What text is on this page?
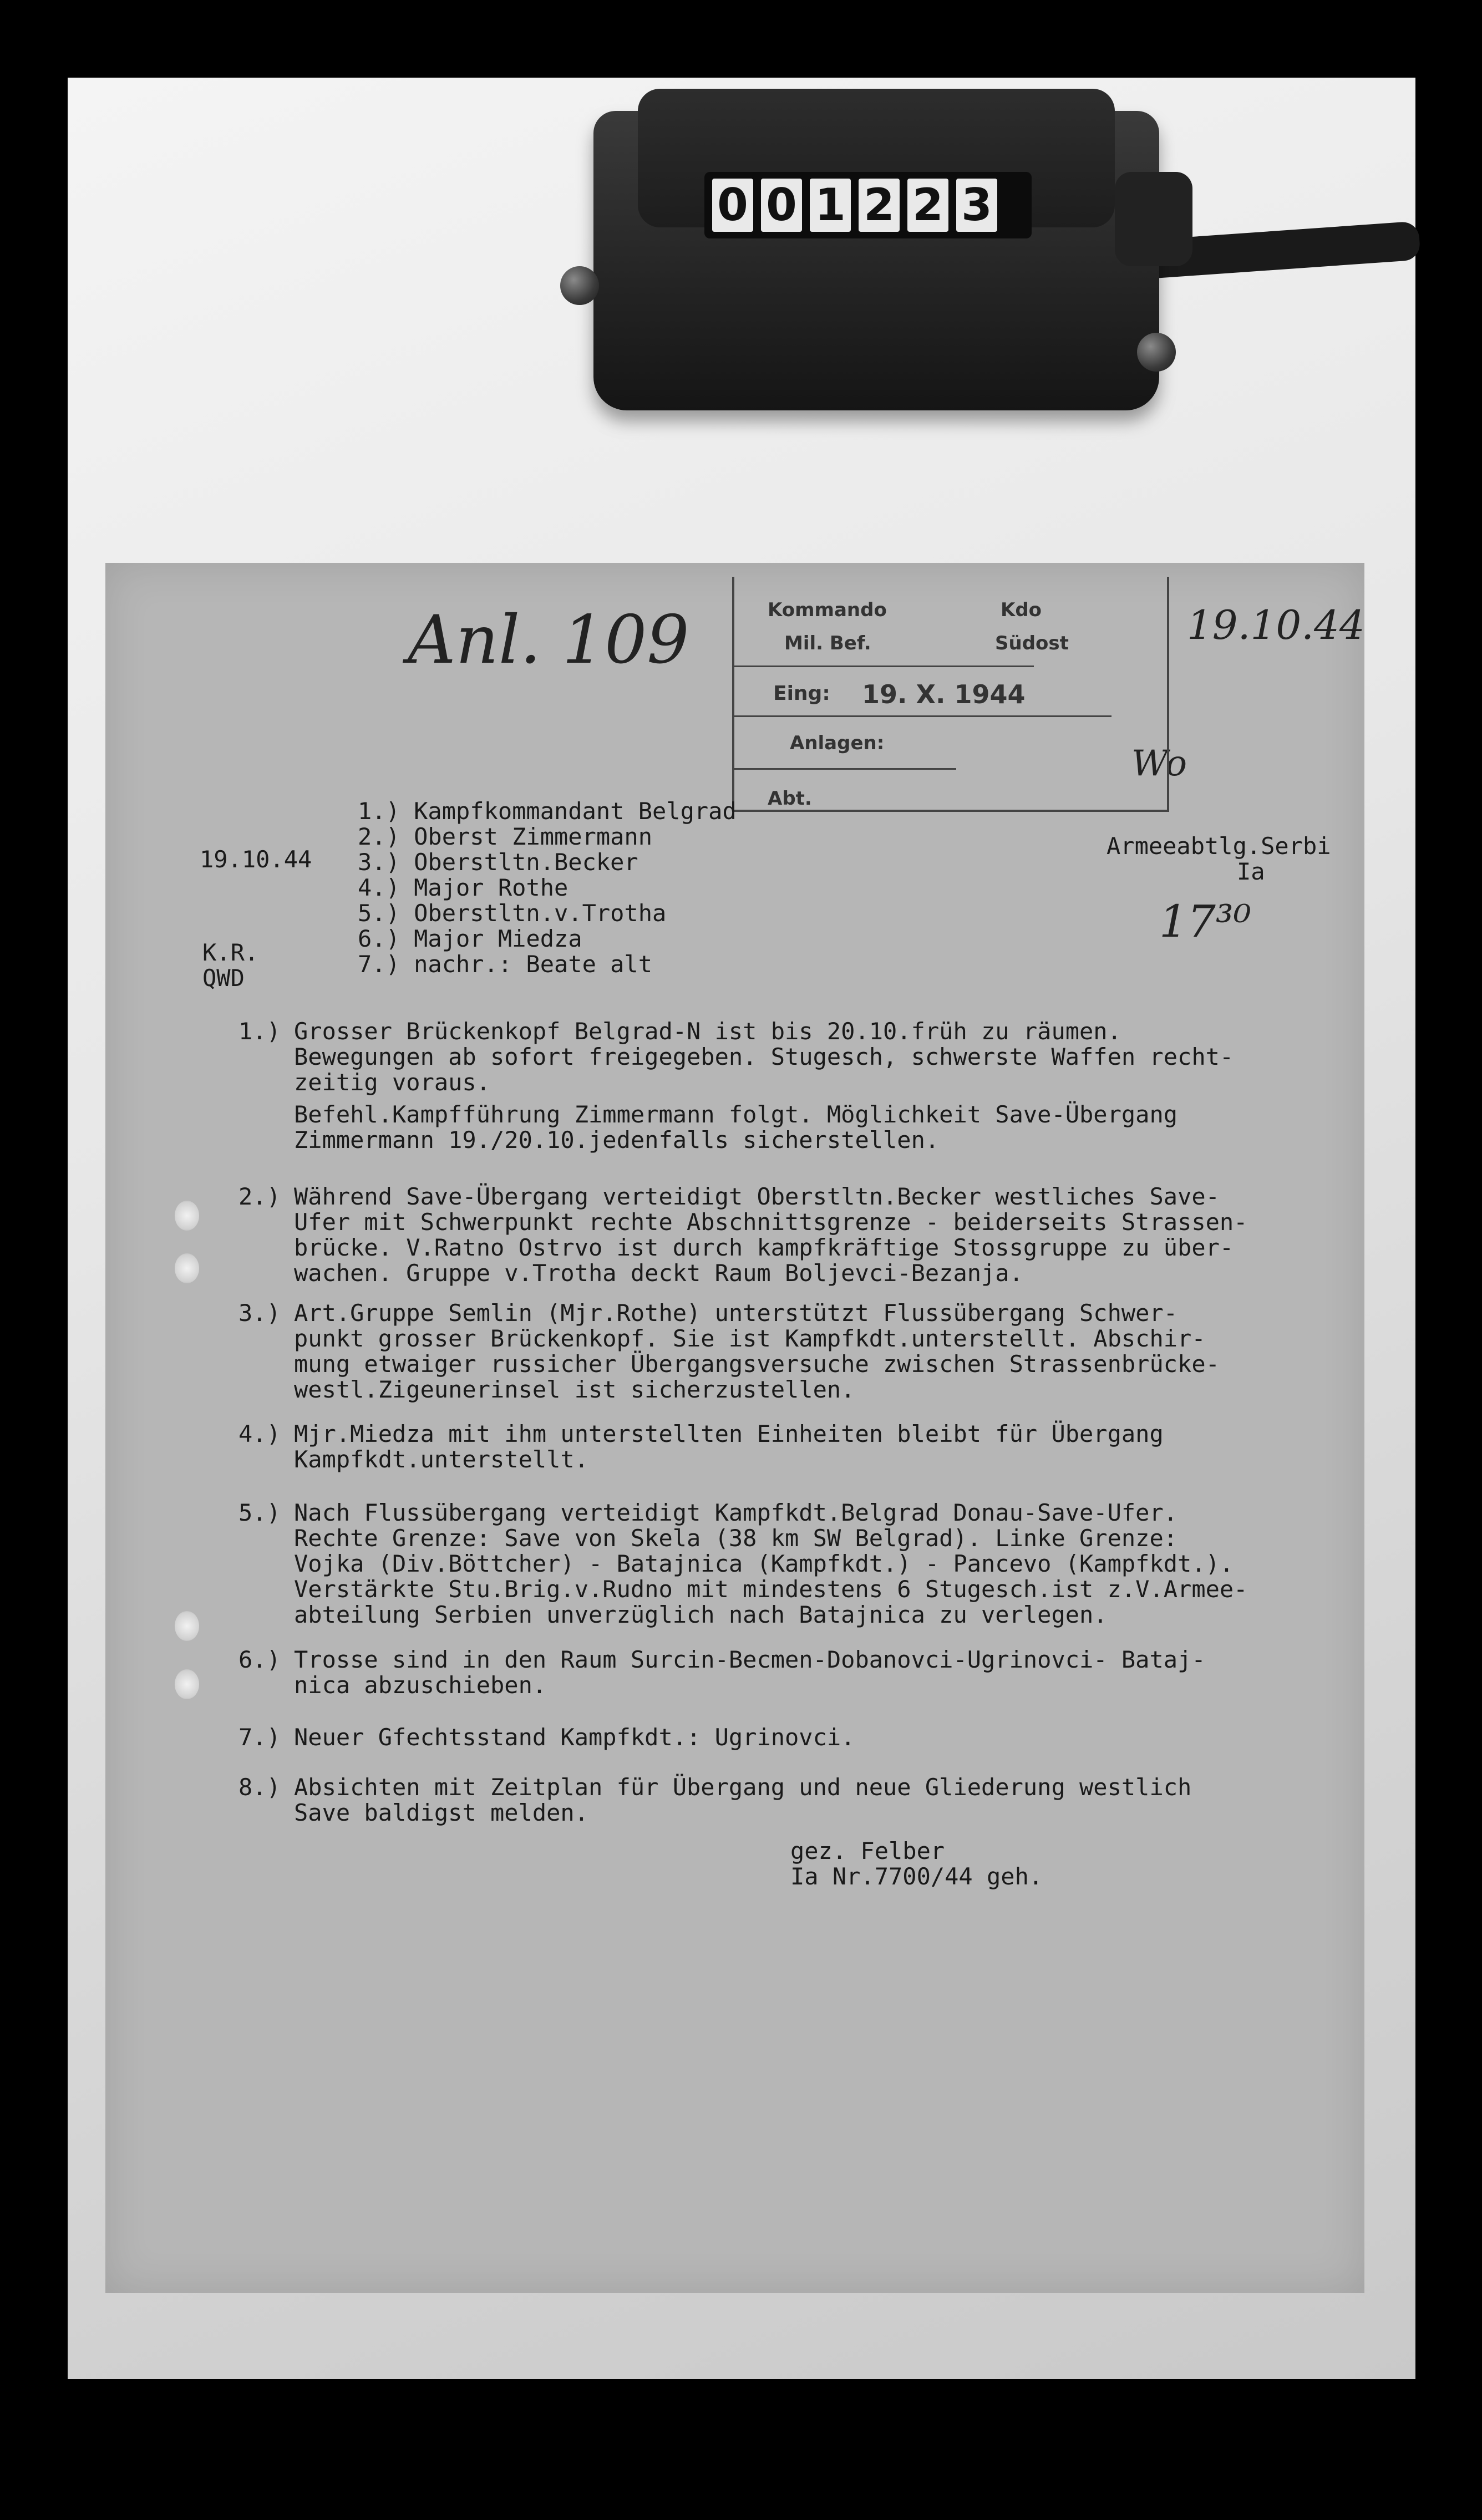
0 0 1 2 2 3
Anl. 109	19.10.44
Wo
17³⁰
Kommando	Kdo
Mil. Bef.	Südost
Eing: 19. X. 1944
Anlagen:
Abt.
19.10.44
K.R.
QWD
1.) Kampfkommandant Belgrad
2.) Oberst Zimmermann
3.) Oberstltn.Becker
4.) Major Rothe
5.) Oberstltn.v.Trotha
6.) Major Miedza
7.) nachr.: Beate alt
Armeeabtlg.Serbi
Ia
1.) Grosser Brückenkopf Belgrad-N ist bis 20.10.früh zu räumen.
Bewegungen ab sofort freigegeben. Stugesch, schwerste Waffen recht-
zeitig voraus.
Befehl.Kampfführung Zimmermann folgt. Möglichkeit Save-Übergang
Zimmermann 19./20.10.jedenfalls sicherstellen.
2.) Während Save-Übergang verteidigt Oberstltn.Becker westliches Save-
Ufer mit Schwerpunkt rechte Abschnittsgrenze - beiderseits Strassen-
brücke. V.Ratno Ostrvo ist durch kampfkräftige Stossgruppe zu über-
wachen. Gruppe v.Trotha deckt Raum Boljevci-Bezanja.
3.) Art.Gruppe Semlin (Mjr.Rothe) unterstützt Flussübergang Schwer-
punkt grosser Brückenkopf. Sie ist Kampfkdt.unterstellt. Abschir-
mung etwaiger russicher Übergangsversuche zwischen Strassenbrücke-
westl.Zigeunerinsel ist sicherzustellen.
4.) Mjr.Miedza mit ihm unterstellten Einheiten bleibt für Übergang
Kampfkdt.unterstellt.
5.) Nach Flussübergang verteidigt Kampfkdt.Belgrad Donau-Save-Ufer.
Rechte Grenze: Save von Skela (38 km SW Belgrad). Linke Grenze:
Vojka (Div.Böttcher) - Batajnica (Kampfkdt.) - Pancevo (Kampfkdt.).
Verstärkte Stu.Brig.v.Rudno mit mindestens 6 Stugesch.ist z.V.Armee-
abteilung Serbien unverzüglich nach Batajnica zu verlegen.
6.) Trosse sind in den Raum Surcin-Becmen-Dobanovci-Ugrinovci- Bataj-
nica abzuschieben.
7.) Neuer Gfechtsstand Kampfkdt.: Ugrinovci.
8.) Absichten mit Zeitplan für Übergang und neue Gliederung westlich
Save baldigst melden.
gez. Felber
Ia Nr.7700/44 geh.
